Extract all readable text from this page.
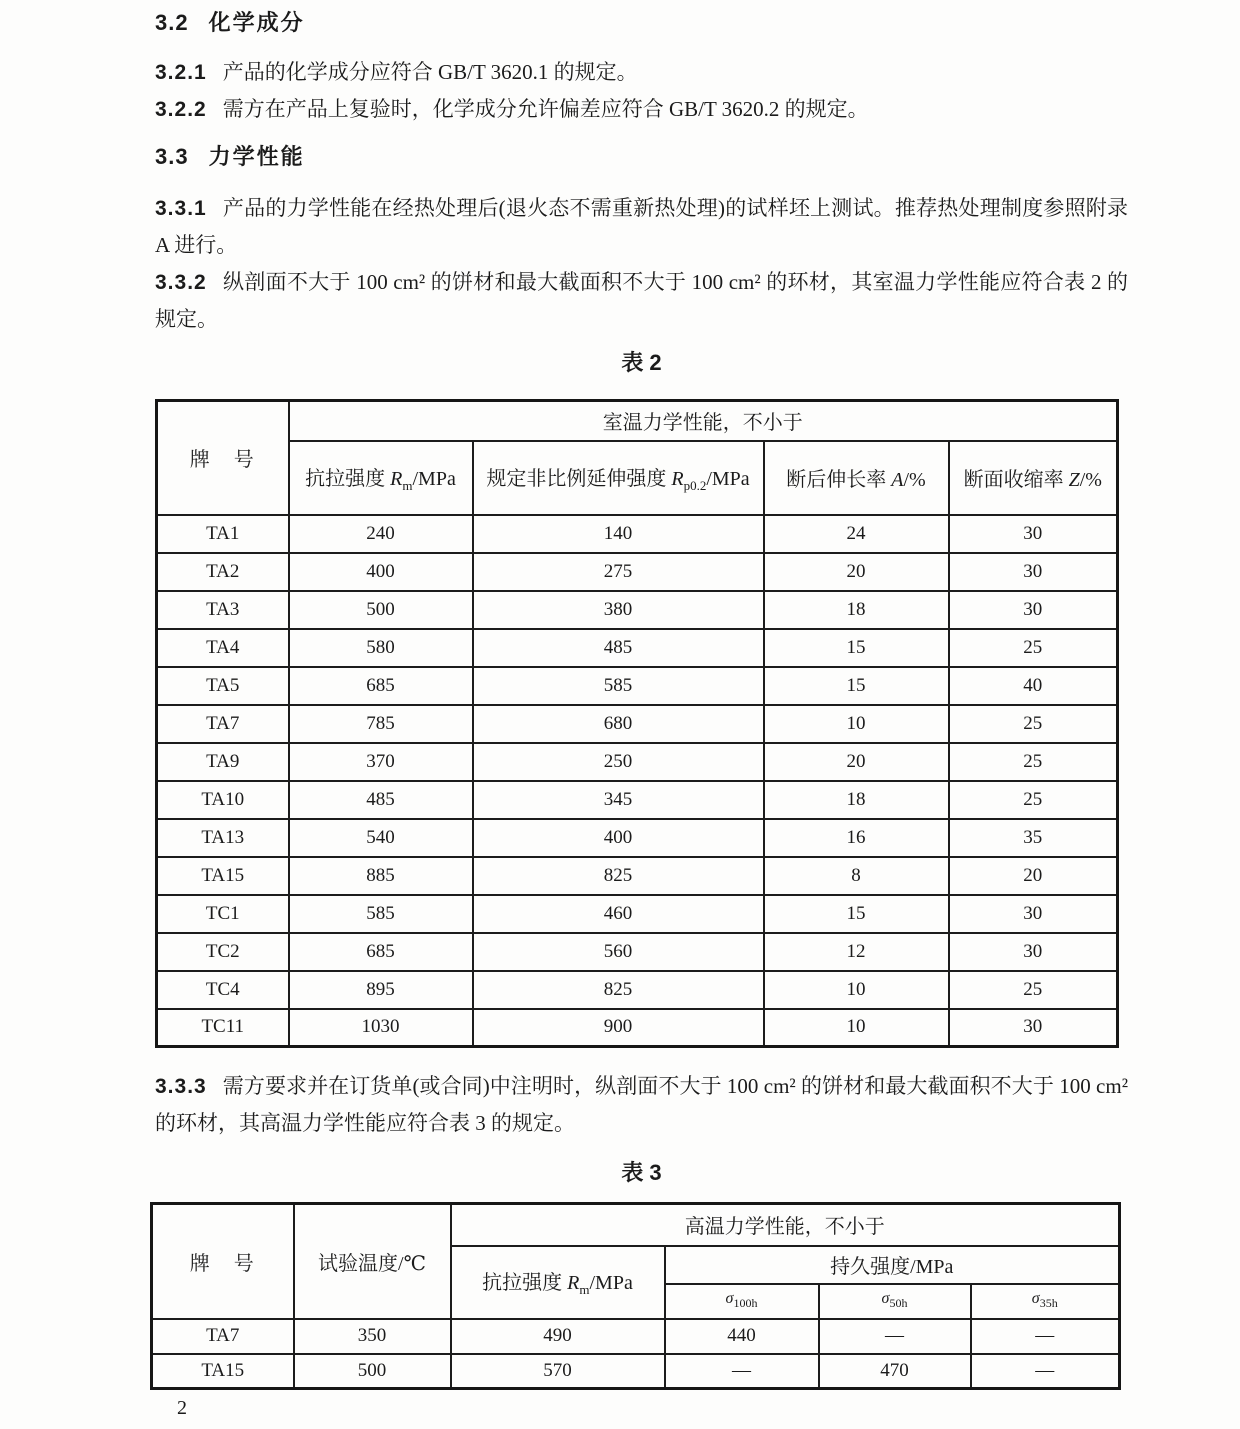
3.2 化学成分

3.2.1 产品的化学成分应符合 GB/T 3620.1 的规定。

3.2.2 需方在产品上复验时，化学成分允许偏差应符合 GB/T 3620.2 的规定。

3.3 力学性能

3.3.1 产品的力学性能在经热处理后(退火态不需重新热处理)的试样坯上测试。推荐热处理制度参照附录 A 进行。

3.3.2 纵剖面不大于 100 cm² 的饼材和最大截面积不大于 100 cm² 的环材，其室温力学性能应符合表 2 的规定。

表 2
牌　号	室温力学性能，不小于			
	抗拉强度 $R_m$/MPa	规定非比例延伸强度 $R_{p0.2}$/MPa	断后伸长率 A/%	断面收缩率 Z/%
TA1	240	140	24	30
TA2	400	275	20	30
TA3	500	380	18	30
TA4	580	485	15	25
TA5	685	585	15	40
TA7	785	680	10	25
TA9	370	250	20	25
TA10	485	345	18	25
TA13	540	400	16	35
TA15	885	825	8	20
TC1	585	460	15	30
TC2	685	560	12	30
TC4	895	825	10	25
TC11	1030	900	10	30

3.3.3 需方要求并在订货单(或合同)中注明时，纵剖面不大于 100 cm² 的饼材和最大截面积不大于 100 cm² 的环材，其高温力学性能应符合表 3 的规定。

表 3
牌　号	试验温度/℃	高温力学性能，不小于			
		抗拉强度 $R_m$/MPa	持久强度/MPa		
			$\sigma_{100h}$	$\sigma_{50h}$	$\sigma_{35h}$
TA7	350	490	440	—	—
TA15	500	570	—	470	—
2
